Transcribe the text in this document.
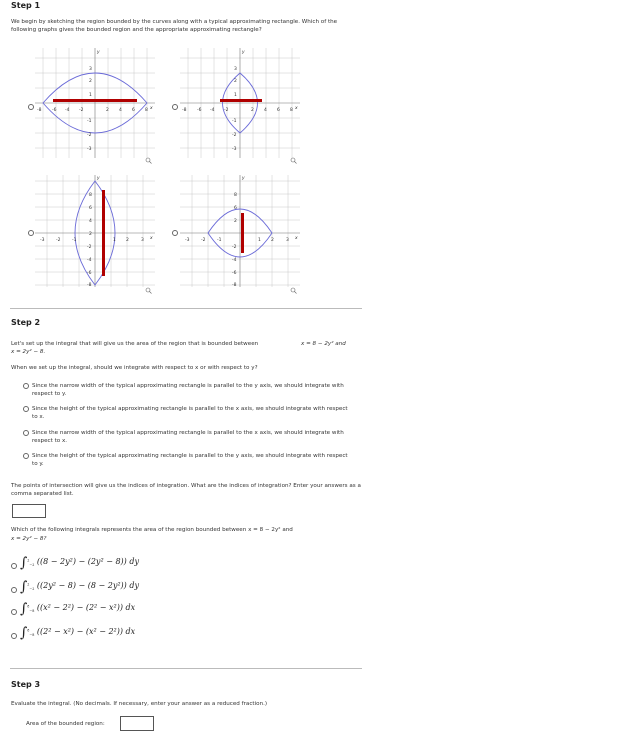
Step 1
We begin by sketching the region bounded by the curves along with a typical approximating rectangle. Which of the following graphs gives the bounded region and the appropriate approximating rectangle?
-8 -6 -4 -2	2 4 6 8 x
y
3
2
1
-1
-2
-3
-8 -6 -4 -2	2 4 6 8 x
y
3
2
1
-1
-2
-3
-3	-2	-1	1 2	3 x
y
8
6
4
2
-2
-4
-6
-8
-3	-2	-1	1 2	3 x
y
8
6
2
-2
-4
-6
-8
Step 2
Let's set up the integral that will give us the area of the region that is bounded between	x = 8 − 2y² and
x = 2y² − 8.
When we set up the integral, should we integrate with respect to x or with respect to y?
Since the narrow width of the typical approximating rectangle is parallel to the y axis, we should integrate with respect to y.
Since the height of the typical approximating rectangle is parallel to the x axis, we should integrate with respect to x.
Since the narrow width of the typical approximating rectangle is parallel to the x axis, we should integrate with respect to x.
Since the height of the typical approximating rectangle is parallel to the y axis, we should integrate with respect to y.
The points of intersection will give us the indices of integration. What are the indices of integration? Enter your answers as a comma separated list.
Which of the following integrals represents the area of the region bounded between x = 8 − 2y² and
x = 2y² − 8?
∫$^2_{-2}$ ((8 − 2y²) − (2y² − 8)) dy
∫$^2_{-2}$ ((2y² − 8) − (8 − 2y²)) dy
∫$^8_{-8}$ ((x² − 2²) − (2² − x²)) dx
∫$^8_{-8}$ ((2² − x²) − (x² − 2²)) dx
Step 3
Evaluate the integral. (No decimals. If necessary, enter your answer as a reduced fraction.)
Area of the bounded region:
